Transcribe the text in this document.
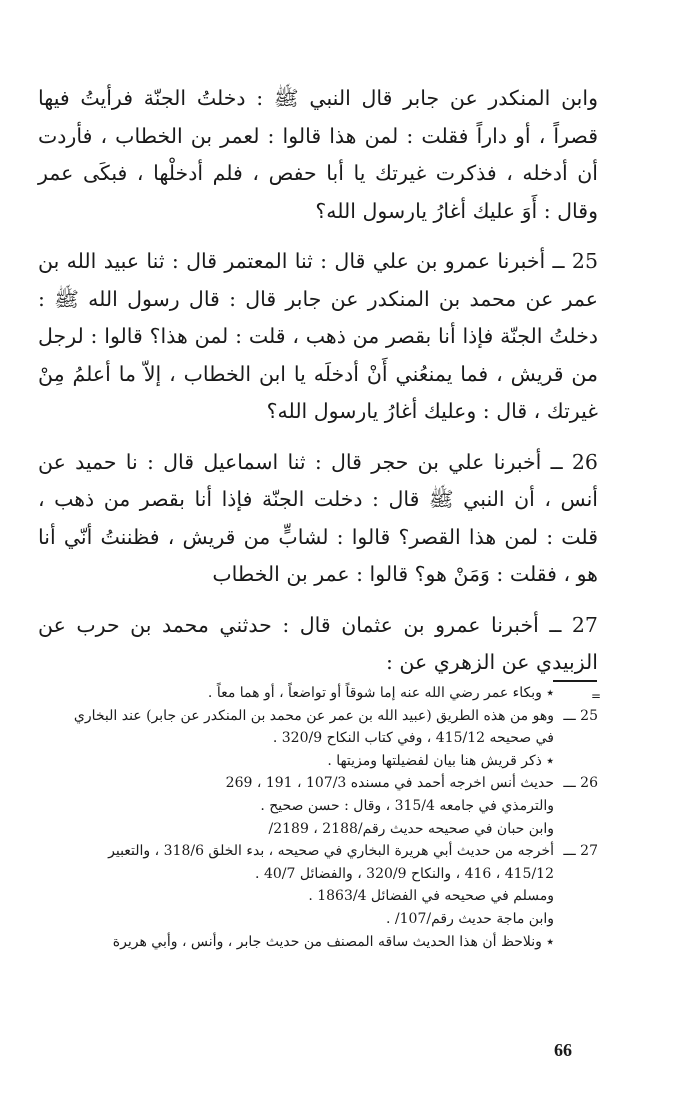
وابن المنكدر عن جابر قال النبي ﷺ : دخلتُ الجنّة فرأيتُ فيها قصراً ، أو داراً فقلت : لمن هذا قالوا : لعمر بن الخطاب ، فأردت أن أدخله ، فذكرت غيرتك يا أبا حفص ، فلم أدخلْها ، فبكَى عمر وقال : أَوَ عليك أغارُ يارسول الله؟

25 ــ أخبرنا عمرو بن علي قال : ثنا المعتمر قال : ثنا عبيد الله بن عمر عن محمد بن المنكدر عن جابر قال : قال رسول الله ﷺ : دخلتُ الجنّة فإذا أنا بقصر من ذهب ، قلت : لمن هذا؟ قالوا : لرجل من قريش ، فما يمنعُني أَنْ أدخلَه يا ابن الخطاب ، إلاّ ما أعلمُ مِنْ غيرتك ، قال : وعليك أغارُ يارسول الله؟

26 ــ أخبرنا علي بن حجر قال : ثنا اسماعيل قال : نا حميد عن أنس ، أن النبي ﷺ قال : دخلت الجنّة فإذا أنا بقصر من ذهب ، قلت : لمن هذا القصر؟ قالوا : لشابٍّ من قريش ، فظننتُ أنّي أنا هو ، فقلت : وَمَنْ هو؟ قالوا : عمر بن الخطاب

27 ــ أخبرنا عمرو بن عثمان قال : حدثني محمد بن حرب عن الزبيدي عن الزهري عن :

=
٭ وبكاء عمر رضي الله عنه إما شوقاً أو تواضعاً ، أو هما معاً .
25 ـــ
وهو من هذه الطريق (عبيد الله بن عمر عن محمد بن المنكدر عن جابر) عند البخاري
في صحيحه 415/12 ، وفي كتاب النكاح 320/9 .
٭ ذكر قريش هنا بيان لفضيلتها ومزيتها .
26 ـــ
حديث أنس اخرجه أحمد في مسنده 107/3 ، 191 ، 269
والترمذي في جامعه 315/4 ، وقال : حسن صحيح .
وابن حبان في صحيحه حديث رقم/2188 ، 2189/
27 ـــ
أخرجه من حديث أبي هريرة البخاري في صحيحه ، بدء الخلق 318/6 ، والتعبير
415/12 ، 416 ، والنكاح 320/9 ، والفضائل 40/7 .
ومسلم في صحيحه في الفضائل 1863/4 .
وابن ماجة حديث رقم/107/ .
٭ ونلاحظ أن هذا الحديث ساقه المصنف من حديث جابر ، وأنس ، وأبي هريرة
66
